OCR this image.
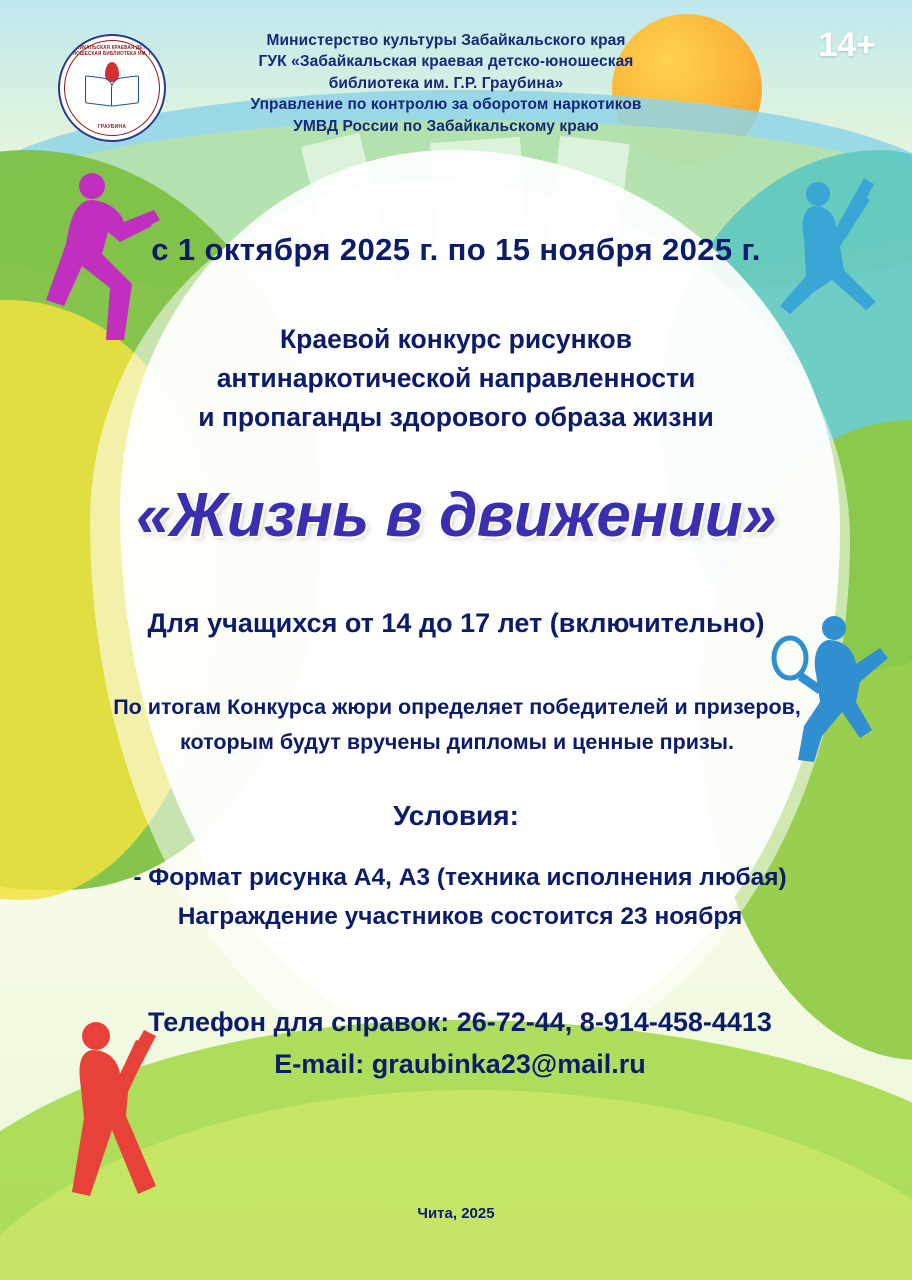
ЗАБАЙКАЛЬСКАЯ КРАЕВАЯ ДЕТСКО-ЮНОШЕСКАЯ БИБЛИОТЕКА ИМ. Г.Р.
ГРАУБИНА
Министерство культуры Забайкальского края
ГУК «Забайкальская краевая детско-юношеская
библиотека им. Г.Р. Граубина»
Управление по контролю за оборотом наркотиков
УМВД России по Забайкальскому краю
14+
с 1 октября 2025 г. по 15 ноября 2025 г.
Краевой конкурс рисунков
антинаркотической направленности
и пропаганды здорового образа жизни
«Жизнь в движении»
Для учащихся от 14 до 17 лет (включительно)
По итогам Конкурса жюри определяет победителей и призеров,
которым будут вручены дипломы и ценные призы.
Условия:
- Формат рисунка А4, А3 (техника исполнения любая)
Награждение участников состоится 23 ноября
Телефон для справок: 26-72-44, 8-914-458-4413
E-mail: graubinka23@mail.ru
Чита, 2025
